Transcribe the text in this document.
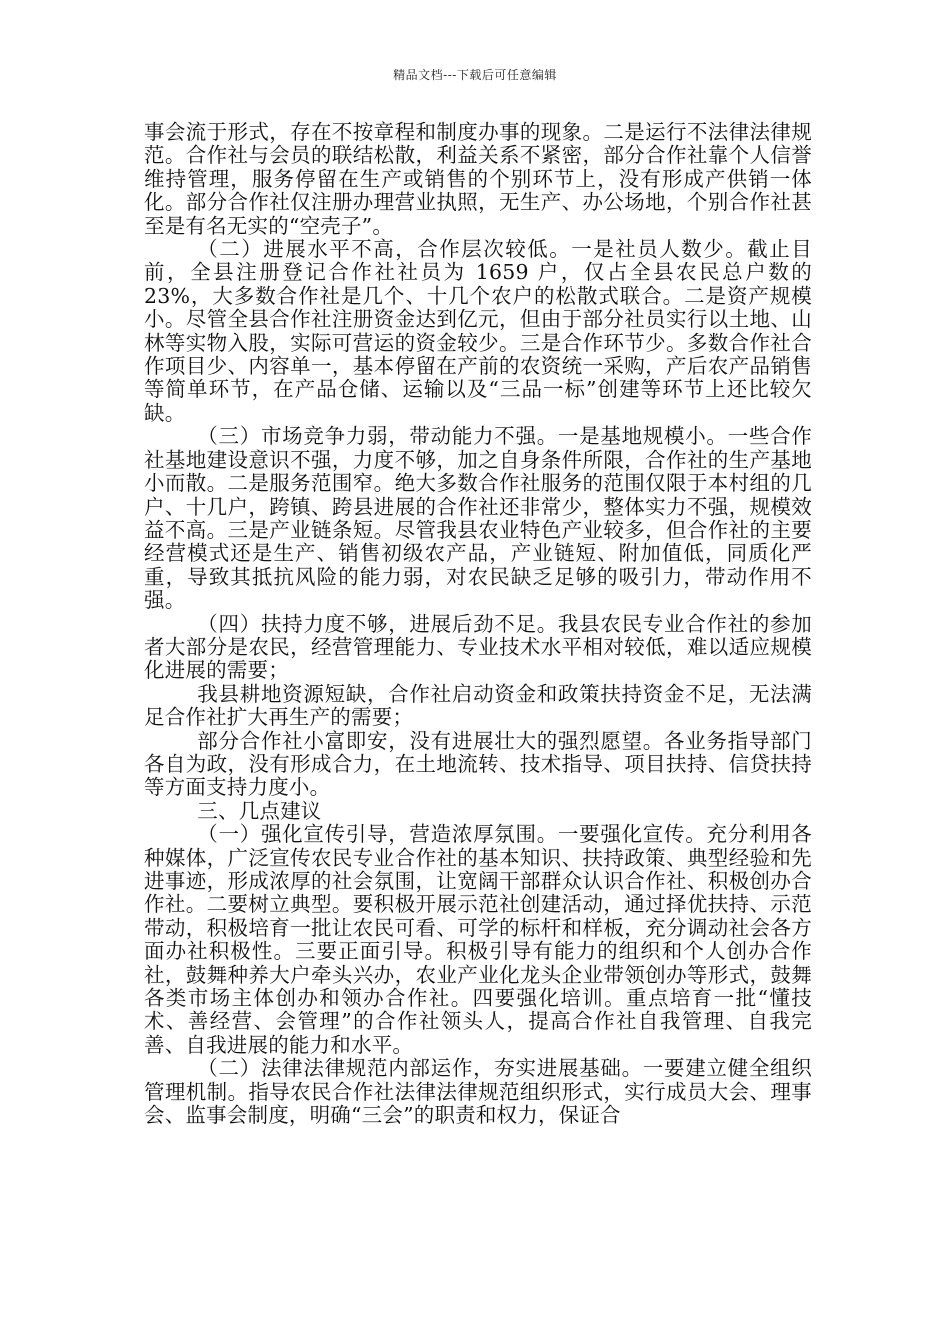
精品文档---下载后可任意编辑

事会流于形式，存在不按章程和制度办事的现象。二是运行不法律法律规范。合作社与会员的联结松散，利益关系不紧密，部分合作社靠个人信誉维持管理，服务停留在生产或销售的个别环节上，没有形成产供销一体化。部分合作社仅注册办理营业执照，无生产、办公场地，个别合作社甚至是有名无实的“空壳子”。

（二）进展水平不高，合作层次较低。一是社员人数少。截止目前，全县注册登记合作社社员为 1659 户，仅占全县农民总户数的 23%，大多数合作社是几个、十几个农户的松散式联合。二是资产规模小。尽管全县合作社注册资金达到亿元，但由于部分社员实行以土地、山林等实物入股，实际可营运的资金较少。三是合作环节少。多数合作社合作项目少、内容单一，基本停留在产前的农资统一采购，产后农产品销售等简单环节，在产品仓储、运输以及“三品一标”创建等环节上还比较欠缺。

（三）市场竞争力弱，带动能力不强。一是基地规模小。一些合作社基地建设意识不强，力度不够，加之自身条件所限，合作社的生产基地小而散。二是服务范围窄。绝大多数合作社服务的范围仅限于本村组的几户、十几户，跨镇、跨县进展的合作社还非常少，整体实力不强，规模效益不高。三是产业链条短。尽管我县农业特色产业较多，但合作社的主要经营模式还是生产、销售初级农产品，产业链短、附加值低，同质化严重，导致其抵抗风险的能力弱，对农民缺乏足够的吸引力，带动作用不强。

（四）扶持力度不够，进展后劲不足。我县农民专业合作社的参加者大部分是农民，经营管理能力、专业技术水平相对较低，难以适应规模化进展的需要；

我县耕地资源短缺，合作社启动资金和政策扶持资金不足，无法满足合作社扩大再生产的需要；

部分合作社小富即安，没有进展壮大的强烈愿望。各业务指导部门各自为政，没有形成合力，在土地流转、技术指导、项目扶持、信贷扶持等方面支持力度小。

三、几点建议

（一）强化宣传引导，营造浓厚氛围。一要强化宣传。充分利用各种媒体，广泛宣传农民专业合作社的基本知识、扶持政策、典型经验和先进事迹，形成浓厚的社会氛围，让宽阔干部群众认识合作社、积极创办合作社。二要树立典型。要积极开展示范社创建活动，通过择优扶持、示范带动，积极培育一批让农民可看、可学的标杆和样板，充分调动社会各方面办社积极性。三要正面引导。积极引导有能力的组织和个人创办合作社，鼓舞种养大户牵头兴办，农业产业化龙头企业带领创办等形式，鼓舞各类市场主体创办和领办合作社。四要强化培训。重点培育一批“懂技术、善经营、会管理”的合作社领头人，提高合作社自我管理、自我完善、自我进展的能力和水平。

（二）法律法律规范内部运作，夯实进展基础。一要建立健全组织管理机制。指导农民合作社法律法律规范组织形式，实行成员大会、理事会、监事会制度，明确“三会”的职责和权力，保证合
